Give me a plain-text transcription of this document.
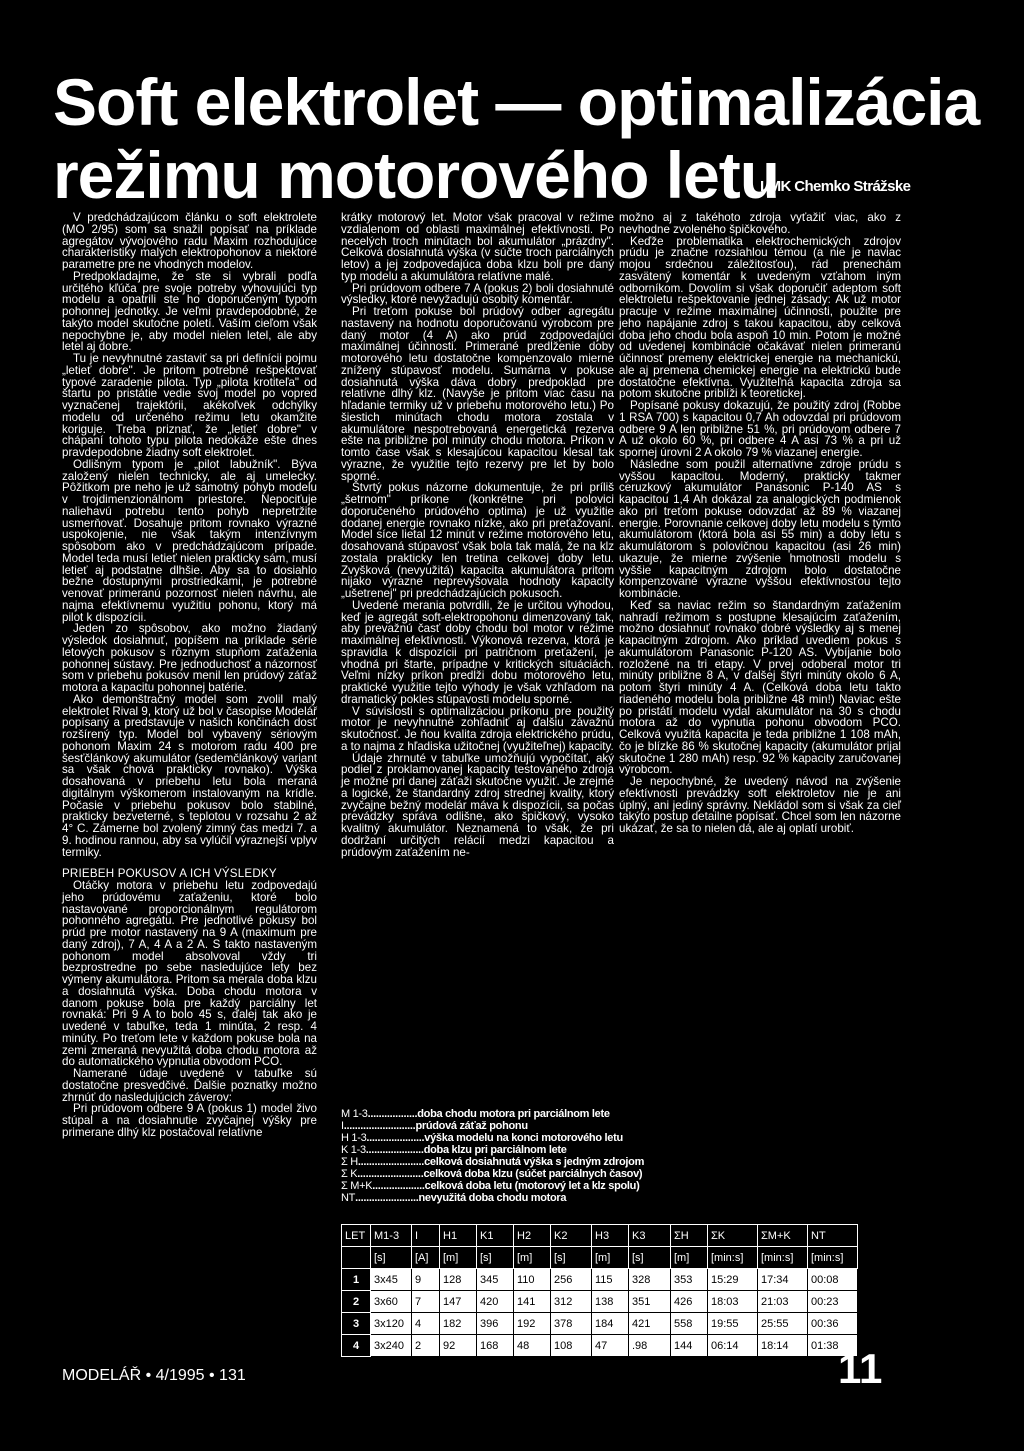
Soft elektrolet — optimalizácia
režimu motorového letu
LMK Chemko Strážske

V predchádzajúcom článku o soft elektrolete (MO 2/95) som sa snažil popísať na príklade agregátov vývojového radu Maxim rozhodujúce charakteristiky malých elektropohonov a niektoré parametre pre ne vhodných modelov.

Predpokladajme, že ste si vybrali podľa určitého kľúča pre svoje potreby vyhovujúci typ modelu a opatrili ste ho doporučeným typom pohonnej jednotky. Je veľmi pravdepodobné, že takýto model skutočne poletí. Vaším cieľom však nepochybne je, aby model nielen letel, ale aby letel aj dobre.

Tu je nevyhnutné zastaviť sa pri definícii pojmu „letieť dobre". Je pritom potrebné rešpektovať typové zaradenie pilota. Typ „pilota krotiteľa" od štartu po pristátie vedie svoj model po vopred vyznačenej trajektórii, akékoľvek odchýlky modelu od určeného režimu letu okamžite koriguje. Treba priznať, že „letieť dobre" v chápaní tohoto typu pilota nedokáže ešte dnes pravdepodobne žiadny soft elektrolet.

Odlišným typom je „pilot labužník". Býva založený nielen technicky, ale aj umelecky. Pôžitkom pre neho je už samotný pohyb modelu v trojdimenzionálnom priestore. Nepociťuje naliehavú potrebu tento pohyb nepretržite usmerňovať. Dosahuje pritom rovnako výrazné uspokojenie, nie však takým intenzívnym spôsobom ako v predchádzajúcom prípade. Model teda musí letieť nielen prakticky sám, musí letieť aj podstatne dlhšie. Aby sa to dosiahlo bežne dostupnými prostriedkami, je potrebné venovať primeranú pozornosť nielen návrhu, ale najma efektívnemu využitiu pohonu, ktorý má pilot k dispozícii.

Jeden zo spôsobov, ako možno žiadaný výsledok dosiahnuť, popíšem na príklade série letových pokusov s rôznym stupňom zaťaženia pohonnej sústavy. Pre jednoduchosť a názornosť som v priebehu pokusov menil len prúdový záťaž motora a kapacitu pohonnej batérie.

Ako demonštračný model som zvolil malý elektrolet Rival 9, ktorý už bol v časopise Modelář popísaný a predstavuje v našich končinách dosť rozšírený typ. Model bol vybavený sériovým pohonom Maxim 24 s motorom radu 400 pre šesťčlánkový akumulátor (sedemčlánkový variant sa však chová prakticky rovnako). Výška dosahovaná v priebehu letu bola meraná digitálnym výškomerom instalovaným na krídle. Počasie v priebehu pokusov bolo stabilné, prakticky bezveterné, s teplotou v rozsahu 2 až 4° C. Zámerne bol zvolený zimný čas medzi 7. a 9. hodinou rannou, aby sa vylúčil výraznejší vplyv termiky.

PRIEBEH POKUSOV A ICH VÝSLEDKY

Otáčky motora v priebehu letu zodpovedajú jeho prúdovému zaťaženiu, ktoré bolo nastavované proporcionálnym regulátorom pohonného agregátu. Pre jednotlivé pokusy bol prúd pre motor nastavený na 9 A (maximum pre daný zdroj), 7 A, 4 A a 2 A. S takto nastaveným pohonom model absolvoval vždy tri bezprostredne po sebe nasledujúce lety bez výmeny akumulátora. Pritom sa merala doba klzu a dosiahnutá výška. Doba chodu motora v danom pokuse bola pre každý parciálny let rovnaká: Pri 9 A to bolo 45 s, ďalej tak ako je uvedené v tabuľke, teda 1 minúta, 2 resp. 4 minúty. Po treťom lete v každom pokuse bola na zemi zmeraná nevyužitá doba chodu motora až do automatického vypnutia obvodom PCO.

Namerané údaje uvedené v tabuľke sú dostatočne presvedčivé. Ďalšie poznatky možno zhrnúť do nasledujúcich záverov:

Pri prúdovom odbere 9 A (pokus 1) model živo stúpal a na dosiahnutie zvyčajnej výšky pre primerane dlhý klz postačoval relatívne

krátky motorový let. Motor však pracoval v režime vzdialenom od oblasti maximálnej efektívnosti. Po necelých troch minútach bol akumulátor „prázdny". Celková dosiahnutá výška (v súčte troch parciálnych letov) a jej zodpovedajúca doba klzu boli pre daný typ modelu a akumulátora relatívne malé.

Pri prúdovom odbere 7 A (pokus 2) boli dosiahnuté výsledky, ktoré nevyžadujú osobitý komentár.

Pri treťom pokuse bol prúdový odber agregátu nastavený na hodnotu doporučovanú výrobcom pre daný motor (4 A) ako prúd zodpovedajúci maximálnej účinnosti. Primerané predĺženie doby motorového letu dostatočne kompenzovalo mierne znížený stúpavosť modelu. Sumárna v pokuse dosiahnutá výška dáva dobrý predpoklad pre relatívne dlhý klz. (Navyše je pritom viac času na hľadanie termiky už v priebehu motorového letu.) Po šiestich minútach chodu motora zostala v akumulátore nespotrebovaná energetická rezerva ešte na približne pol minúty chodu motora. Príkon v tomto čase však s klesajúcou kapacitou klesal tak výrazne, že využitie tejto rezervy pre let by bolo sporné.

Štvrtý pokus názorne dokumentuje, že pri príliš „šetrnom" príkone (konkrétne pri polovici doporučeného prúdového optima) je už využitie dodanej energie rovnako nízke, ako pri preťažovaní. Model síce lietal 12 minút v režime motorového letu, dosahovaná stúpavosť však bola tak malá, že na klz zostala prakticky len tretina celkovej doby letu. Zvyšková (nevyužitá) kapacita akumulátora pritom nijako výrazne neprevyšovala hodnoty kapacity „ušetrenej" pri predchádzajúcich pokusoch.

Uvedené merania potvrdili, že je určitou výhodou, keď je agregát soft-elektropohonu dimenzovaný tak, aby prevažnú časť doby chodu bol motor v režime maximálnej efektívnosti. Výkonová rezerva, ktorá je spravidla k dispozícii pri patričnom preťažení, je vhodná pri štarte, prípadne v kritických situáciách. Veľmi nízky príkon predĺži dobu motorového letu, praktické využitie tejto výhody je však vzhľadom na dramatický pokles stúpavosti modelu sporné.

V súvislosti s optimalizáciou príkonu pre použitý motor je nevyhnutné zohľadniť aj ďalšiu závažnú skutočnosť. Je ňou kvalita zdroja elektrického prúdu, a to najma z hľadiska užitočnej (využiteľnej) kapacity.

Údaje zhrnuté v tabuľke umožňujú vypočítať, aký podiel z proklamovanej kapacity testovaného zdroja je možné pri danej záťaži skutočne využiť. Je zrejmé a logické, že štandardný zdroj strednej kvality, ktorý zvyčajne bežný modelár máva k dispozícii, sa počas prevádzky správa odlišne, ako špičkový, vysoko kvalitný akumulátor. Neznamená to však, že pri dodržaní určitých relácií medzi kapacitou a prúdovým zaťažením ne-

možno aj z takéhoto zdroja vyťažiť viac, ako z nevhodne zvoleného špičkového.

Keďže problematika elektrochemických zdrojov prúdu je značne rozsiahlou témou (a nie je naviac mojou srdečnou záležitosťou), rád prenechám zasvätený komentár k uvedeným vzťahom iným odborníkom. Dovolím si však doporučiť adeptom soft elektroletu rešpektovanie jednej zásady: Ak už motor pracuje v režime maximálnej účinnosti, použite pre jeho napájanie zdroj s takou kapacitou, aby celková doba jeho chodu bola aspoň 10 min. Potom je možné od uvedenej kombinácie očakávať nielen primeranú účinnosť premeny elektrickej energie na mechanickú, ale aj premena chemickej energie na elektrickú bude dostatočne efektívna. Využiteľná kapacita zdroja sa potom skutočne priblíži k teoretickej.

Popísané pokusy dokazujú, že použitý zdroj (Robbe 1 RSA 700) s kapacitou 0,7 Ah odovzdal pri prúdovom odbere 9 A len približne 51 %, pri prúdovom odbere 7 A už okolo 60 %, pri odbere 4 A asi 73 % a pri už spornej úrovni 2 A okolo 79 % viazanej energie.

Následne som použil alternatívne zdroje prúdu s vyššou kapacitou. Moderný, prakticky takmer ceruzkový akumulátor Panasonic P-140 AS s kapacitou 1,4 Ah dokázal za analogických podmienok ako pri treťom pokuse odovzdať až 89 % viazanej energie. Porovnanie celkovej doby letu modelu s týmto akumulátorom (ktorá bola asi 55 min) a doby letu s akumulátorom s polovičnou kapacitou (asi 26 min) ukazuje, že mierne zvýšenie hmotnosti modelu s vyššie kapacitným zdrojom bolo dostatočne kompenzované výrazne vyššou efektívnosťou tejto kombinácie.

Keď sa naviac režim so štandardným zaťažením nahradí režimom s postupne klesajúcim zaťažením, možno dosiahnuť rovnako dobré výsledky aj s menej kapacitným zdrojom. Ako príklad uvediem pokus s akumulátorom Panasonic P-120 AS. Vybíjanie bolo rozložené na tri etapy. V prvej odoberal motor tri minúty približne 8 A, v ďalšej štyri minúty okolo 6 A, potom štyri minúty 4 A. (Celková doba letu takto riadeného modelu bola približne 48 min!) Naviac ešte po pristátí modelu vydal akumulátor na 30 s chodu motora až do vypnutia pohonu obvodom PCO. Celková využitá kapacita je teda približne 1 108 mAh, čo je blízke 86 % skutočnej kapacity (akumulátor prijal skutočne 1 280 mAh) resp. 92 % kapacity zaručovanej výrobcom.

Je nepochybné, že uvedený návod na zvýšenie efektívnosti prevádzky soft elektroletov nie je ani úplný, ani jediný správny. Nekládol som si však za cieľ takýto postup detailne popísať. Chcel som len názorne ukázať, že sa to nielen dá, ale aj oplatí urobiť.

M 1-3..................doba chodu motora pri parciálnom lete
I..........................prúdová záťaž pohonu
H 1-3.....................výška modelu na konci motorového letu
K 1-3.....................doba klzu pri parciálnom lete
Σ H........................celková dosiahnutá výška s jedným zdrojom
Σ K........................celková doba klzu (súčet parciálnych časov)
Σ M+K...................celková doba letu (motorový let a klz spolu)
NT.......................nevyužitá doba chodu motora
LET	M1-3	I	H1	K1	H2	K2	H3	K3	ΣH	ΣK	ΣM+K	NT
	[s]	[A]	[m]	[s]	[m]	[s]	[m]	[s]	[m]	[min:s]	[min:s]	[min:s]
1	3x45	9	128	345	110	256	115	328	353	15:29	17:34	00:08
2	3x60	7	147	420	141	312	138	351	426	18:03	21:03	00:23
3	3x120	4	182	396	192	378	184	421	558	19:55	25:55	00:36
4	3x240	2	92	168	48	108	47	.98	144	06:14	18:14	01:38
MODELÁŘ • 4/1995 • 131	11
